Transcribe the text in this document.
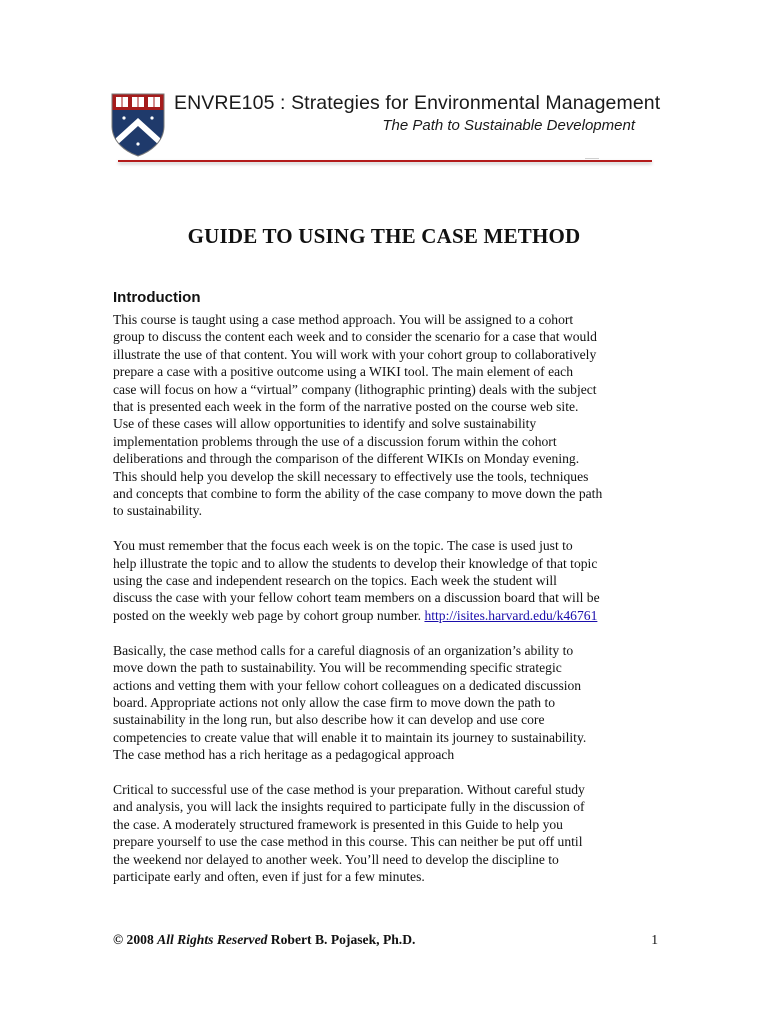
ENVRE105 : Strategies for Environmental Management
The Path to Sustainable Development
GUIDE TO USING THE CASE METHOD
Introduction

This course is taught using a case method approach. You will be assigned to a cohort
group to discuss the content each week and to consider the scenario for a case that would
illustrate the use of that content. You will work with your cohort group to collaboratively
prepare a case with a positive outcome using a WIKI tool. The main element of each
case will focus on how a “virtual” company (lithographic printing) deals with the subject
that is presented each week in the form of the narrative posted on the course web site.
Use of these cases will allow opportunities to identify and solve sustainability
implementation problems through the use of a discussion forum within the cohort
deliberations and through the comparison of the different WIKIs on Monday evening.
This should help you develop the skill necessary to effectively use the tools, techniques
and concepts that combine to form the ability of the case company to move down the path
to sustainability.

You must remember that the focus each week is on the topic. The case is used just to
help illustrate the topic and to allow the students to develop their knowledge of that topic
using the case and independent research on the topics. Each week the student will
discuss the case with your fellow cohort team members on a discussion board that will be
posted on the weekly web page by cohort group number. http://isites.harvard.edu/k46761

Basically, the case method calls for a careful diagnosis of an organization’s ability to
move down the path to sustainability. You will be recommending specific strategic
actions and vetting them with your fellow cohort colleagues on a dedicated discussion
board. Appropriate actions not only allow the case firm to move down the path to
sustainability in the long run, but also describe how it can develop and use core
competencies to create value that will enable it to maintain its journey to sustainability.
The case method has a rich heritage as a pedagogical approach

Critical to successful use of the case method is your preparation. Without careful study
and analysis, you will lack the insights required to participate fully in the discussion of
the case. A moderately structured framework is presented in this Guide to help you
prepare yourself to use the case method in this course. This can neither be put off until
the weekend nor delayed to another week. You’ll need to develop the discipline to
participate early and often, even if just for a few minutes.

© 2008 All Rights Reserved Robert B. Pojasek, Ph.D.	1
